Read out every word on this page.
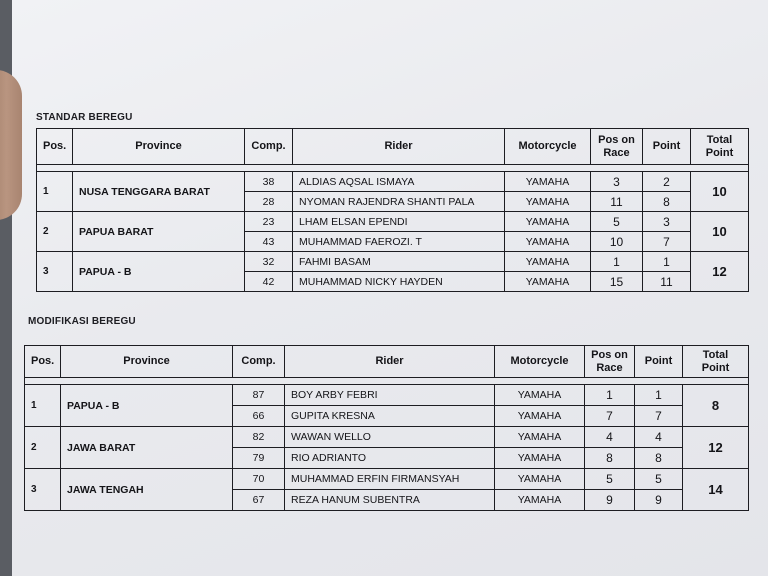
STANDAR BEREGU
Pos.	Province	Comp.	Rider	Motorcycle	Pos on Race	Point	Total Point

1	NUSA TENGGARA BARAT	38	ALDIAS AQSAL ISMAYA	YAMAHA	3	2	10
		28	NYOMAN RAJENDRA SHANTI PALA	YAMAHA	11	8	
2	PAPUA BARAT	23	LHAM ELSAN EPENDI	YAMAHA	5	3	10
		43	MUHAMMAD FAEROZI. T	YAMAHA	10	7	
3	PAPUA - B	32	FAHMI BASAM	YAMAHA	1	1	12
		42	MUHAMMAD NICKY HAYDEN	YAMAHA	15	11	
MODIFIKASI BEREGU
Pos.	Province	Comp.	Rider	Motorcycle	Pos on Race	Point	Total Point

1	PAPUA - B	87	BOY ARBY FEBRI	YAMAHA	1	1	8
		66	GUPITA KRESNA	YAMAHA	7	7	
2	JAWA BARAT	82	WAWAN WELLO	YAMAHA	4	4	12
		79	RIO ADRIANTO	YAMAHA	8	8	
3	JAWA TENGAH	70	MUHAMMAD ERFIN FIRMANSYAH	YAMAHA	5	5	14
		67	REZA HANUM SUBENTRA	YAMAHA	9	9	
